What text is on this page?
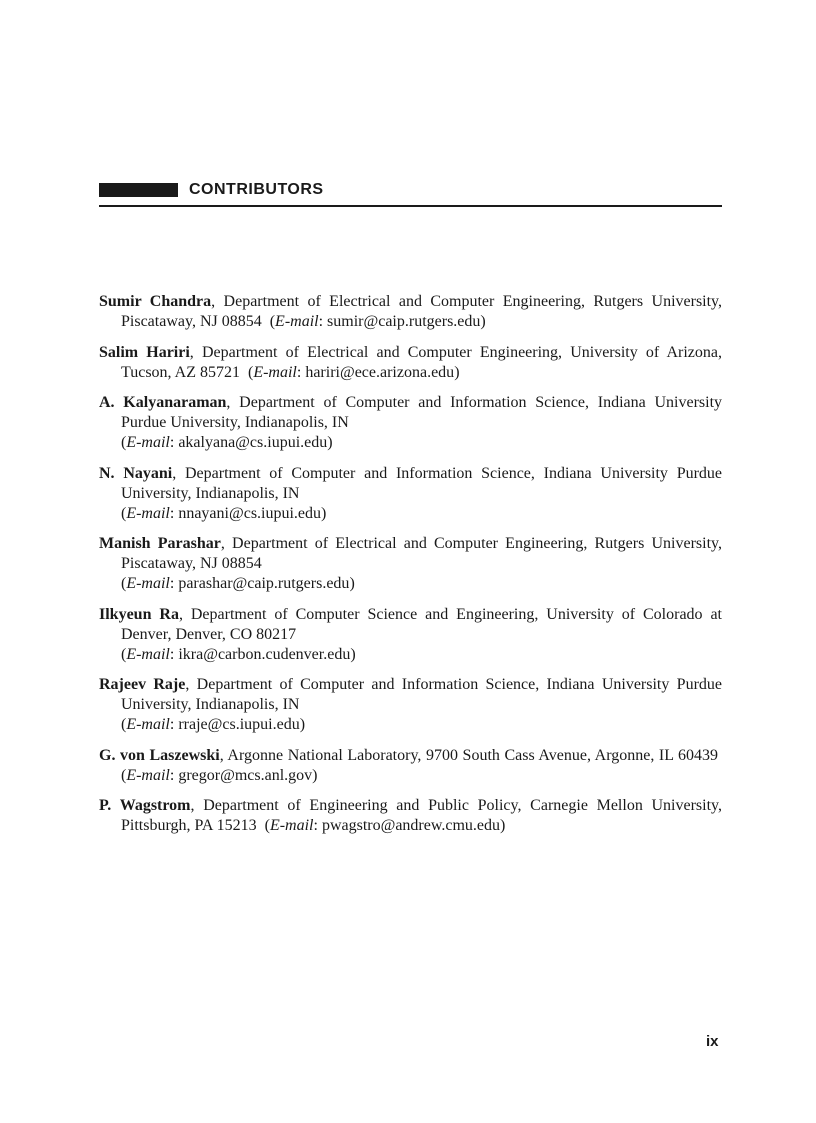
CONTRIBUTORS
Sumir Chandra, Department of Electrical and Computer Engineering, Rutgers University, Piscataway, NJ 08854  (E-mail: sumir@caip.rutgers.edu)
Salim Hariri, Department of Electrical and Computer Engineering, University of Arizona, Tucson, AZ 85721  (E-mail: hariri@ece.arizona.edu)
A. Kalyanaraman, Department of Computer and Information Science, Indiana University Purdue University, Indianapolis, IN
(E-mail: akalyana@cs.iupui.edu)
N. Nayani, Department of Computer and Information Science, Indiana University Purdue University, Indianapolis, IN
(E-mail: nnayani@cs.iupui.edu)
Manish Parashar, Department of Electrical and Computer Engineering, Rutgers University, Piscataway, NJ 08854
(E-mail: parashar@caip.rutgers.edu)
Ilkyeun Ra, Department of Computer Science and Engineering, University of Colorado at Denver, Denver, CO 80217
(E-mail: ikra@carbon.cudenver.edu)
Rajeev Raje, Department of Computer and Information Science, Indiana University Purdue University, Indianapolis, IN
(E-mail: rraje@cs.iupui.edu)
G. von Laszewski, Argonne National Laboratory, 9700 South Cass Avenue, Argonne, IL 60439  (E-mail: gregor@mcs.anl.gov)
P. Wagstrom, Department of Engineering and Public Policy, Carnegie Mellon University, Pittsburgh, PA 15213  (E-mail: pwagstro@andrew.cmu.edu)
ix
